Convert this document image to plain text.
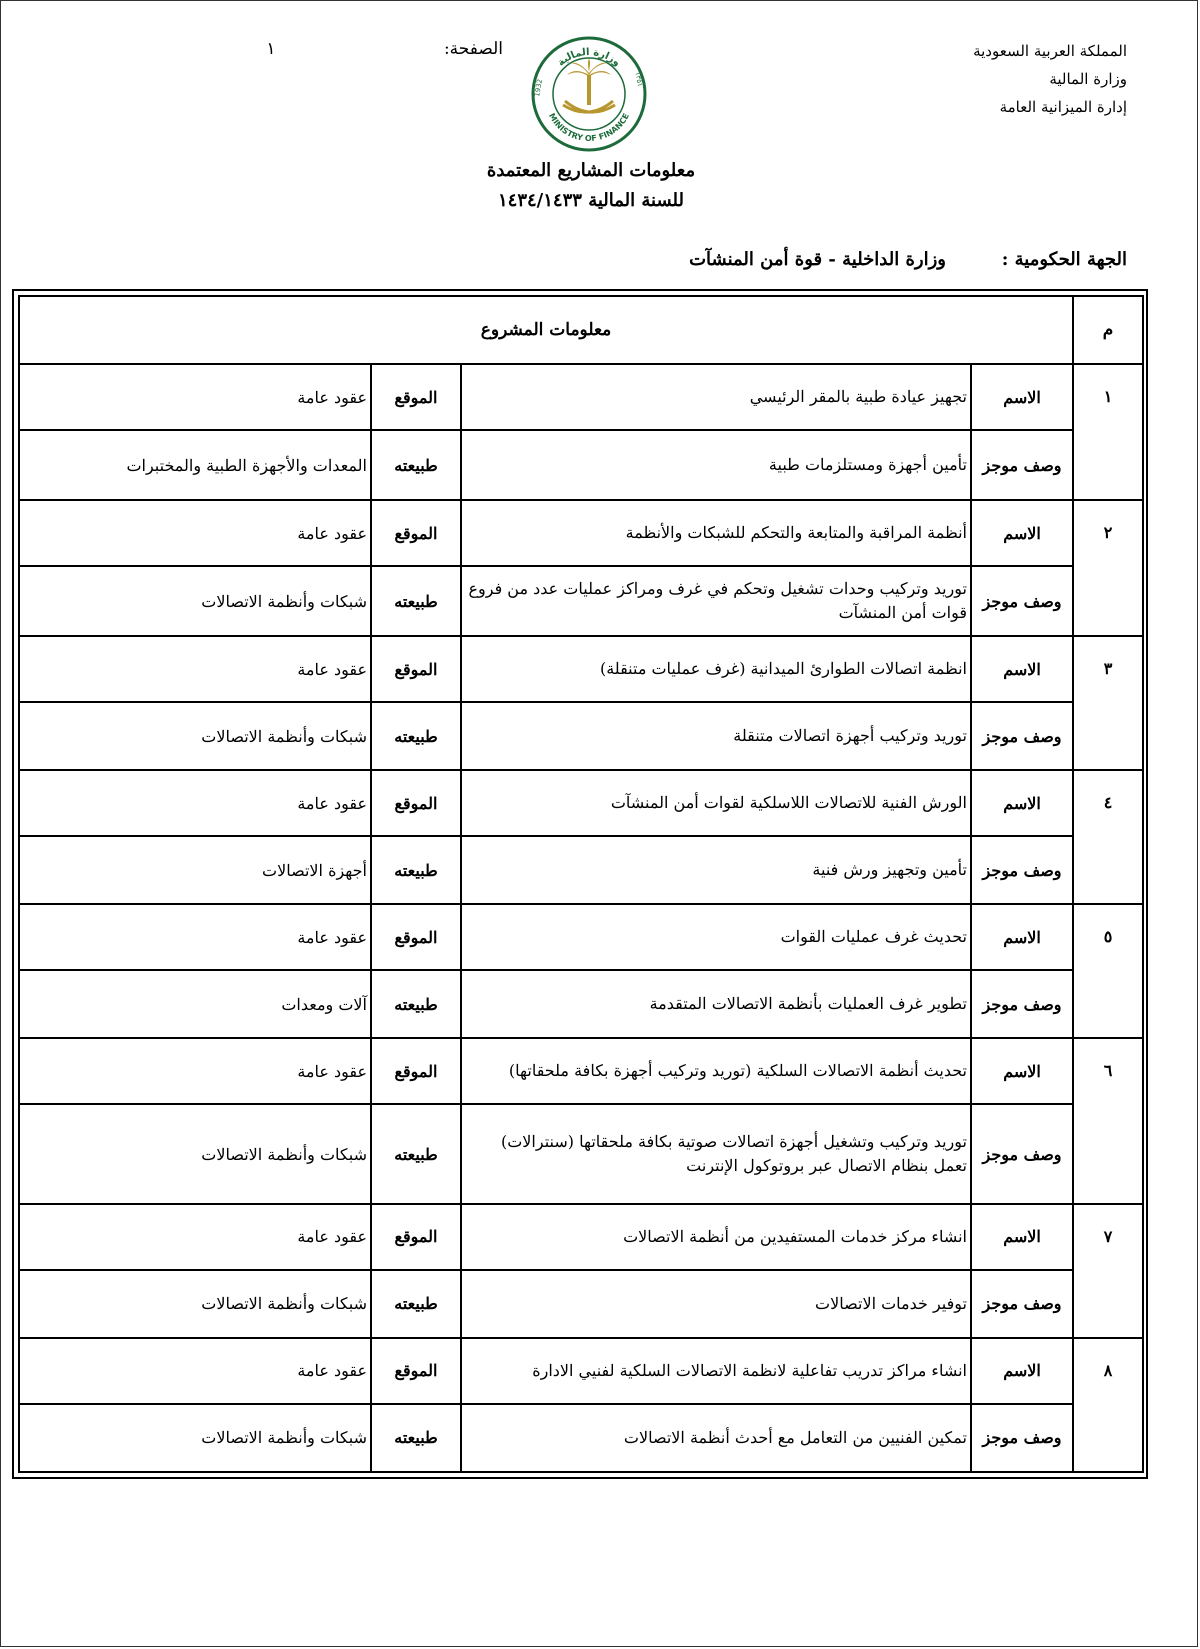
المملكة العربية السعودية
وزارة المالية
إدارة الميزانية العامة
الصفحة:
١
وزارة المالية
MINISTRY OF FINANCE
1932	١٣٥١
معلومات المشاريع المعتمدة
للسنة المالية ١٤٣٤/١٤٣٣
الجهة الحكومية :
وزارة الداخلية - قوة أمن المنشآت
م	معلومات المشروع			
١	الاسم	تجهيز عيادة طبية بالمقر الرئيسي	الموقع	عقود عامة
	وصف موجز	تأمين أجهزة ومستلزمات طبية	طبيعته	المعدات والأجهزة الطبية والمختبرات
٢	الاسم	أنظمة المراقبة والمتابعة والتحكم للشبكات والأنظمة	الموقع	عقود عامة
	وصف موجز	توريد وتركيب وحدات تشغيل وتحكم في غرف ومراكز عمليات عدد من فروع قوات أمن المنشآت	طبيعته	شبكات وأنظمة الاتصالات
٣	الاسم	انظمة اتصالات الطوارئ الميدانية (غرف عمليات متنقلة)	الموقع	عقود عامة
	وصف موجز	توريد وتركيب أجهزة اتصالات متنقلة	طبيعته	شبكات وأنظمة الاتصالات
٤	الاسم	الورش الفنية للاتصالات اللاسلكية لقوات أمن المنشآت	الموقع	عقود عامة
	وصف موجز	تأمين وتجهيز ورش فنية	طبيعته	أجهزة الاتصالات
٥	الاسم	تحديث غرف عمليات القوات	الموقع	عقود عامة
	وصف موجز	تطوير غرف العمليات بأنظمة الاتصالات المتقدمة	طبيعته	آلات ومعدات
٦	الاسم	تحديث أنظمة الاتصالات السلكية (توريد وتركيب أجهزة بكافة ملحقاتها)	الموقع	عقود عامة
	وصف موجز	توريد وتركيب وتشغيل أجهزة اتصالات صوتية بكافة ملحقاتها (سنترالات) تعمل بنظام الاتصال عبر بروتوكول الإنترنت	طبيعته	شبكات وأنظمة الاتصالات
٧	الاسم	انشاء مركز خدمات المستفيدين من أنظمة الاتصالات	الموقع	عقود عامة
	وصف موجز	توفير خدمات الاتصالات	طبيعته	شبكات وأنظمة الاتصالات
٨	الاسم	انشاء مراكز تدريب تفاعلية لانظمة الاتصالات السلكية لفنيي الادارة	الموقع	عقود عامة
	وصف موجز	تمكين الفنيين من التعامل مع أحدث أنظمة الاتصالات	طبيعته	شبكات وأنظمة الاتصالات
